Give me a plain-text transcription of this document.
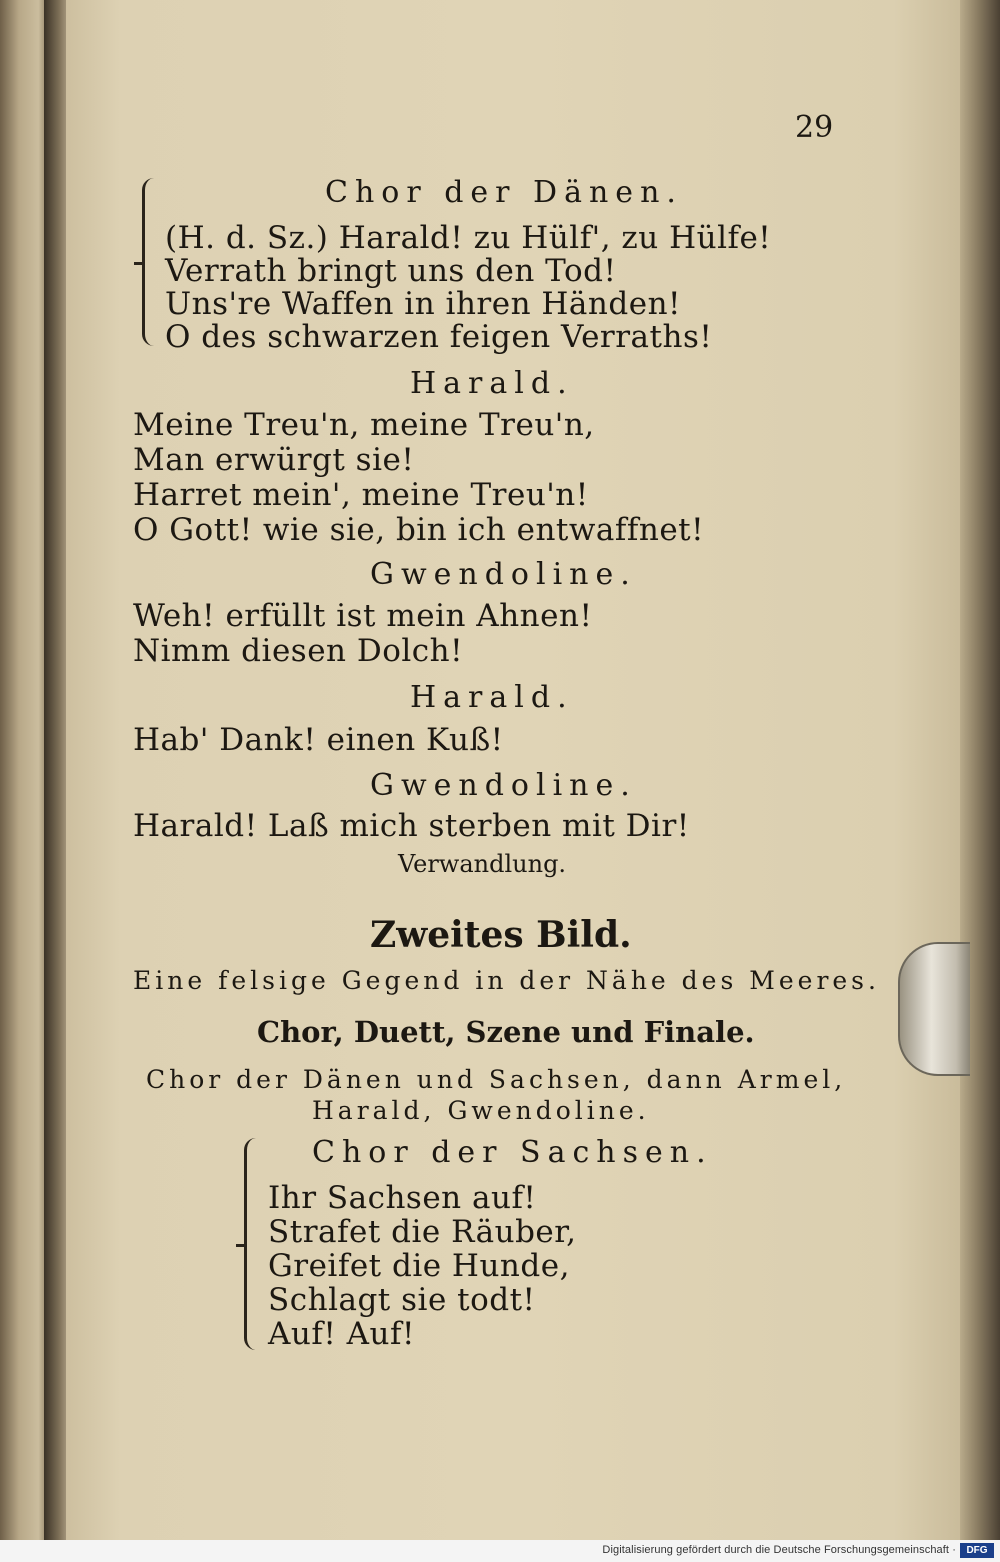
29
Chor der Dänen.
(H. d. Sz.) Harald! zu Hülf', zu Hülfe!
Verrath bringt uns den Tod!
Uns're Waffen in ihren Händen!
O des schwarzen feigen Verraths!
Harald.
Meine Treu'n, meine Treu'n,
Man erwürgt sie!
Harret mein', meine Treu'n!
O Gott! wie sie, bin ich entwaffnet!
Gwendoline.
Weh! erfüllt ist mein Ahnen!
Nimm diesen Dolch!
Harald.
Hab' Dank! einen Kuß!
Gwendoline.
Harald! Laß mich sterben mit Dir!
Verwandlung.
Zweites Bild.
Eine felsige Gegend in der Nähe des Meeres.
Chor, Duett, Szene und Finale.
Chor der Dänen und Sachsen, dann Armel,
Harald, Gwendoline.
Chor der Sachsen.
Ihr Sachsen auf!
Strafet die Räuber,
Greifet die Hunde,
Schlagt sie todt!
Auf! Auf!
Digitalisierung gefördert durch die Deutsche Forschungsgemeinschaft ·	DFG
